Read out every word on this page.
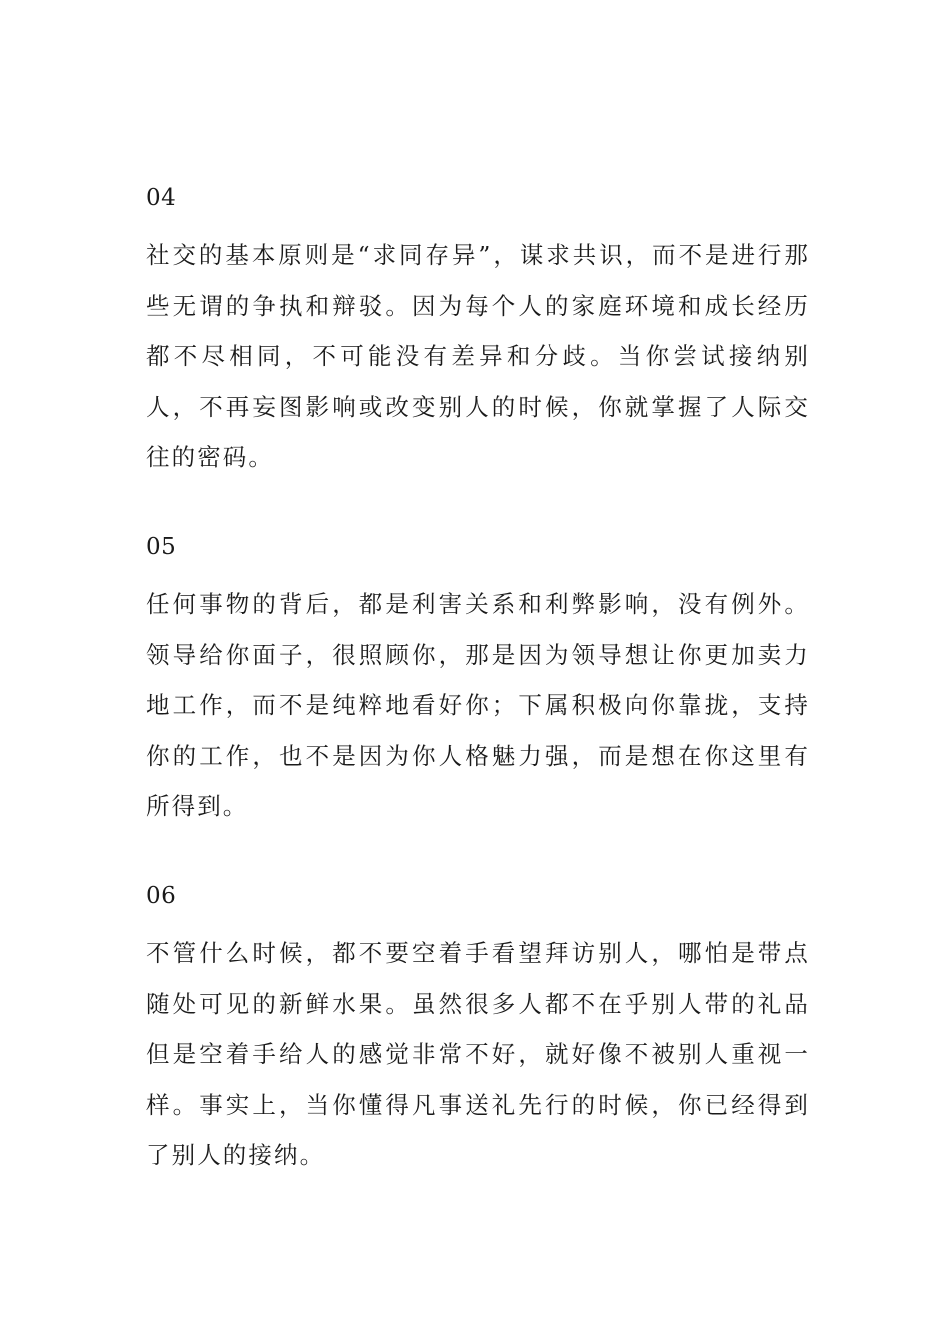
04

社交的基本原则是“求同存异”，谋求共识，而不是进行那些无谓的争执和辩驳。因为每个人的家庭环境和成长经历都不尽相同，不可能没有差异和分歧。当你尝试接纳别人，不再妄图影响或改变别人的时候，你就掌握了人际交往的密码。

05

任何事物的背后，都是利害关系和利弊影响，没有例外。领导给你面子，很照顾你，那是因为领导想让你更加卖力地工作，而不是纯粹地看好你；下属积极向你靠拢，支持你的工作，也不是因为你人格魅力强，而是想在你这里有所得到。

06

不管什么时候，都不要空着手看望拜访别人，哪怕是带点随处可见的新鲜水果。虽然很多人都不在乎别人带的礼品但是空着手给人的感觉非常不好，就好像不被别人重视一样。事实上，当你懂得凡事送礼先行的时候，你已经得到了别人的接纳。
